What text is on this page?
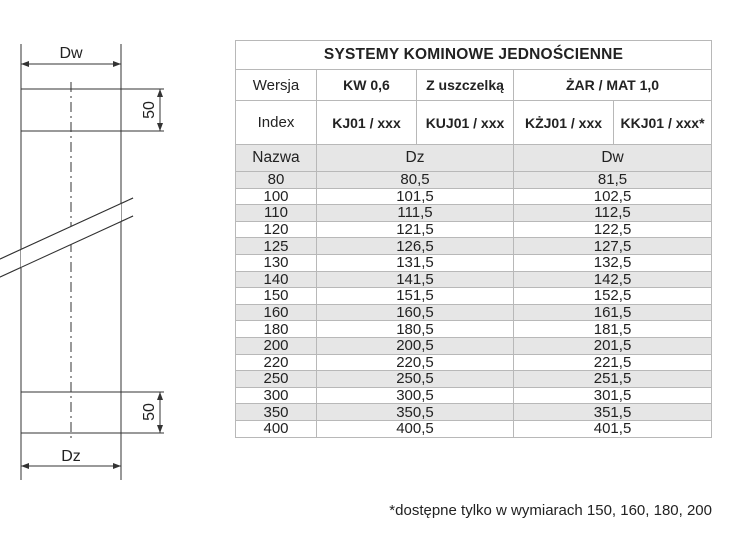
Dw
Dz
50
50
SYSTEMY KOMINOWE JEDNOŚCIENNE				
Wersja	KW 0,6	Z uszczelką	ŻAR / MAT 1,0	
Index	KJ01 / xxx	KUJ01 / xxx	KŻJ01 / xxx	KKJ01 / xxx*
Nazwa	Dz		Dw	
80	80,5		81,5	
100	101,5		102,5	
110	111,5		112,5	
120	121,5		122,5	
125	126,5		127,5	
130	131,5		132,5	
140	141,5		142,5	
150	151,5		152,5	
160	160,5		161,5	
180	180,5		181,5	
200	200,5		201,5	
220	220,5		221,5	
250	250,5		251,5	
300	300,5		301,5	
350	350,5		351,5	
400	400,5		401,5	
*dostępne tylko w wymiarach 150, 160, 180, 200
